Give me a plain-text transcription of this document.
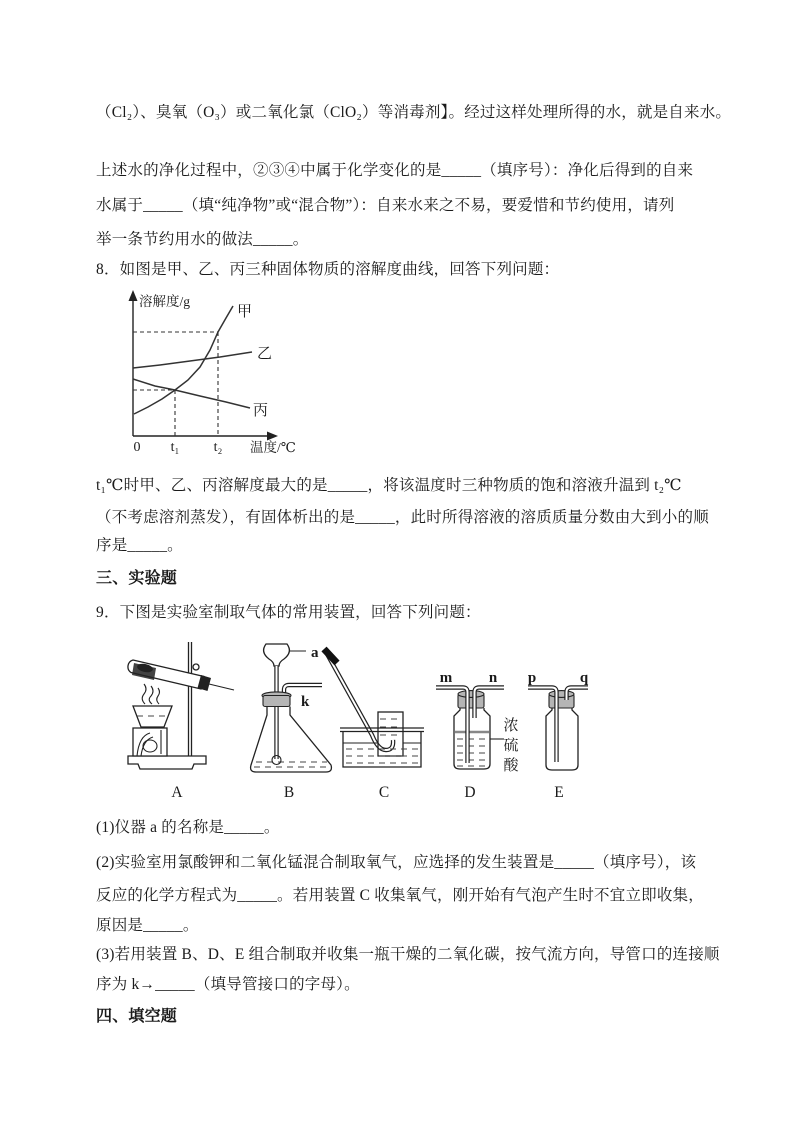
（Cl₂）、臭氧（O₃）或二氧化氯（ClO₂）等消毒剂】。经过这样处理所得的水，就是自来水。
上述水的净化过程中，②③④中属于化学变化的是_____（填序号）：净化后得到的自来
水属于_____（填“纯净物”或“混合物”）：自来水来之不易，要爱惜和节约使用，请列
举一条节约用水的做法_____。
8．如图是甲、乙、丙三种固体物质的溶解度曲线，回答下列问题：
溶解度/g
温度/℃
0 t₁ t₂
甲
乙
丙
t₁℃时甲、乙、丙溶解度最大的是_____，将该温度时三种物质的饱和溶液升温到 t₂℃
（不考虑溶剂蒸发），有固体析出的是_____，此时所得溶液的溶质质量分数由大到小的顺
序是_____。
三、实验题
9．下图是实验室制取气体的常用装置，回答下列问题：
A
a
k
B	C
m n
浓
硫
酸
D
p	q
E
(1)仪器 a 的名称是_____。
(2)实验室用氯酸钾和二氧化锰混合制取氧气，应选择的发生装置是_____（填序号），该
反应的化学方程式为_____。若用装置 C 收集氧气，刚开始有气泡产生时不宜立即收集，
原因是_____。
(3)若用装置 B、D、E 组合制取并收集一瓶干燥的二氧化碳，按气流方向，导管口的连接顺
序为 k→_____（填导管接口的字母）。
四、填空题
